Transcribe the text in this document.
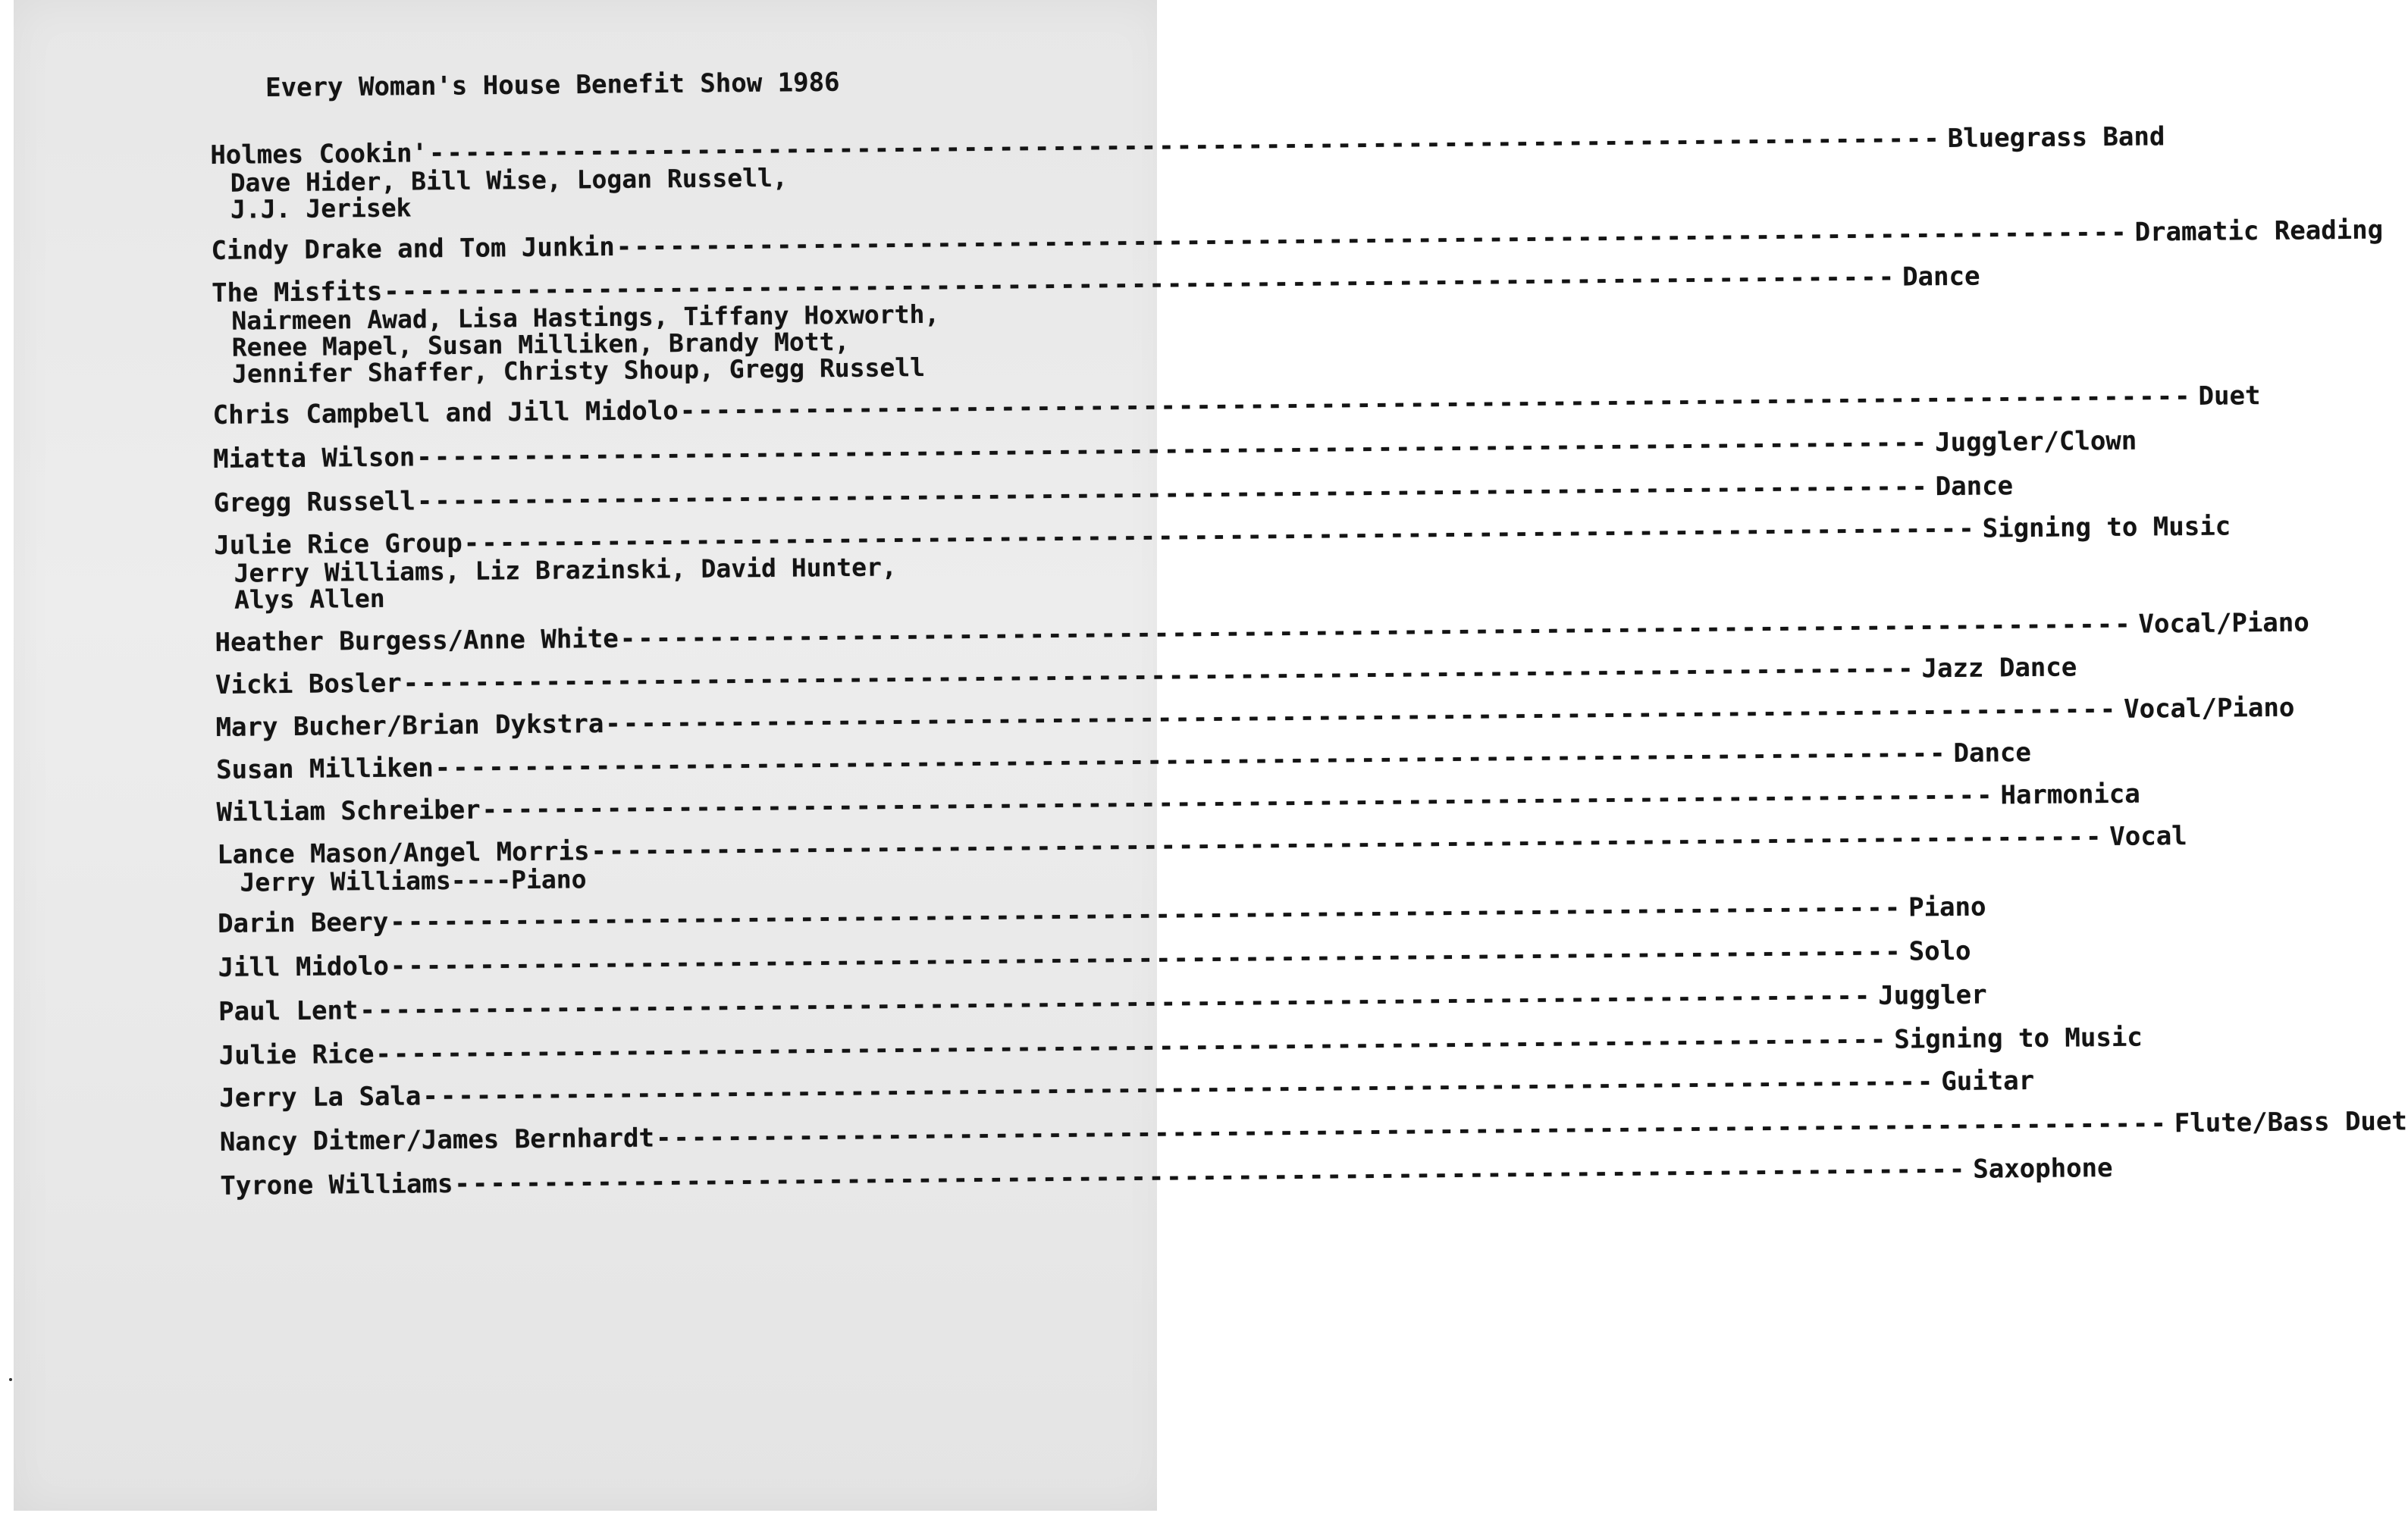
Every Woman's House Benefit Show 1986
Holmes Cookin' ------------------------------------------------------------------------------------- Bluegrass Band
Dave Hider, Bill Wise, Logan Russell,
J.J. Jerisek
Cindy Drake and Tom Junkin ------------------------------------------------------------------------------------- Dramatic Reading
The Misfits ------------------------------------------------------------------------------------- Dance
Nairmeen Awad, Lisa Hastings, Tiffany Hoxworth,
Renee Mapel, Susan Milliken, Brandy Mott,
Jennifer Shaffer, Christy Shoup, Gregg Russell
Chris Campbell and Jill Midolo ------------------------------------------------------------------------------------- Duet
Miatta Wilson ------------------------------------------------------------------------------------- Juggler/Clown
Gregg Russell ------------------------------------------------------------------------------------- Dance
Julie Rice Group ------------------------------------------------------------------------------------- Signing to Music
Jerry Williams, Liz Brazinski, David Hunter,
Alys Allen
Heather Burgess/Anne White ------------------------------------------------------------------------------------- Vocal/Piano
Vicki Bosler ------------------------------------------------------------------------------------- Jazz Dance
Mary Bucher/Brian Dykstra ------------------------------------------------------------------------------------- Vocal/Piano
Susan Milliken ------------------------------------------------------------------------------------- Dance
William Schreiber ------------------------------------------------------------------------------------- Harmonica
Lance Mason/Angel Morris ------------------------------------------------------------------------------------- Vocal
Jerry Williams ---- Piano
Darin Beery ------------------------------------------------------------------------------------- Piano
Jill Midolo ------------------------------------------------------------------------------------- Solo
Paul Lent ------------------------------------------------------------------------------------- Juggler
Julie Rice ------------------------------------------------------------------------------------- Signing to Music
Jerry La Sala ------------------------------------------------------------------------------------- Guitar
Nancy Ditmer/James Bernhardt ------------------------------------------------------------------------------------- Flute/Bass Duet
Tyrone Williams ------------------------------------------------------------------------------------- Saxophone
